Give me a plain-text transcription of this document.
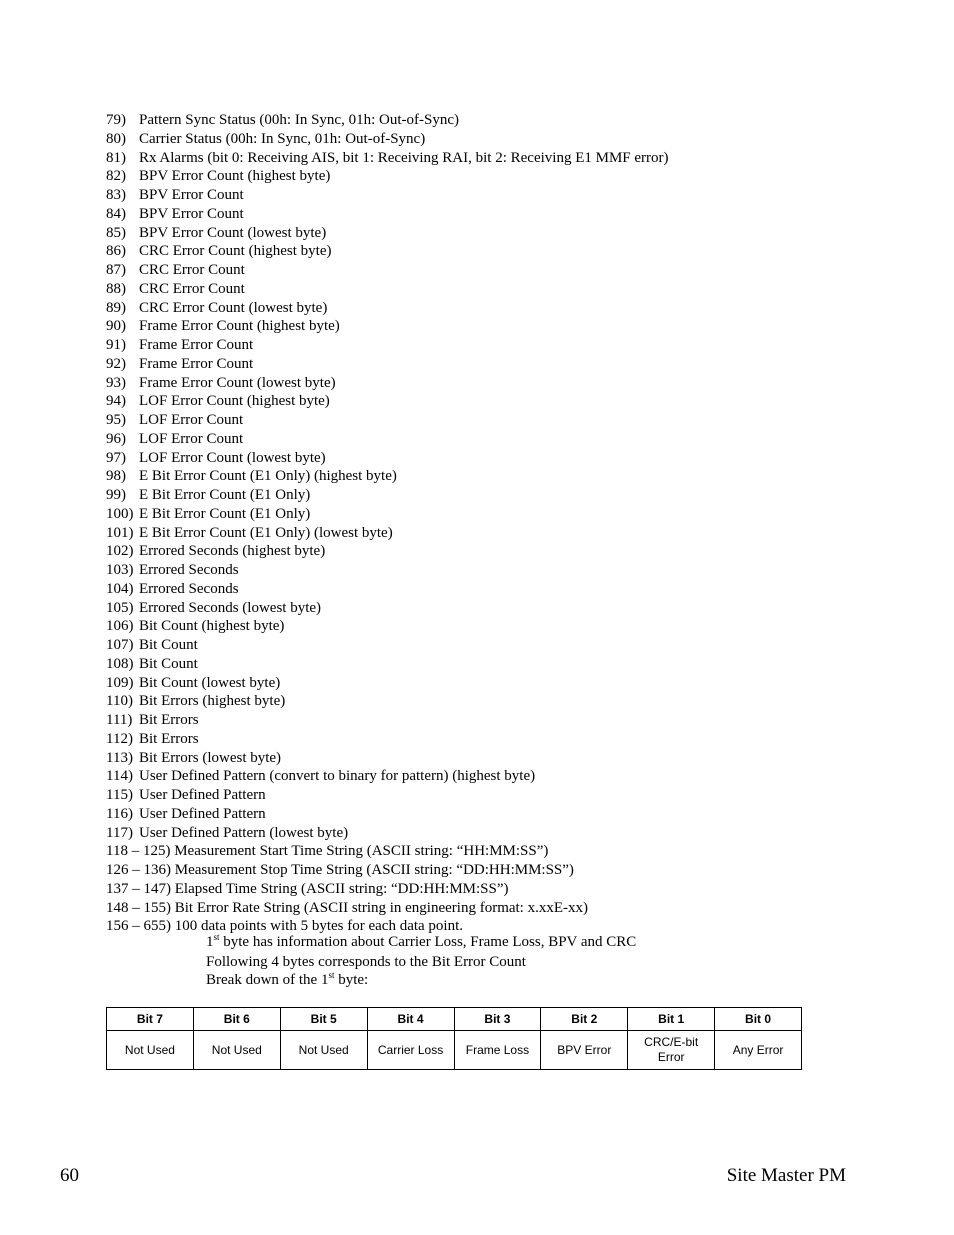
79) Pattern Sync Status (00h: In Sync, 01h: Out-of-Sync)
80) Carrier Status (00h: In Sync, 01h: Out-of-Sync)
81) Rx Alarms (bit 0: Receiving AIS, bit 1: Receiving RAI, bit 2: Receiving E1 MMF error)
82) BPV Error Count (highest byte)
83) BPV Error Count
84) BPV Error Count
85) BPV Error Count (lowest byte)
86) CRC Error Count (highest byte)
87) CRC Error Count
88) CRC Error Count
89) CRC Error Count (lowest byte)
90) Frame Error Count (highest byte)
91) Frame Error Count
92) Frame Error Count
93) Frame Error Count (lowest byte)
94) LOF Error Count (highest byte)
95) LOF Error Count
96) LOF Error Count
97) LOF Error Count (lowest byte)
98) E Bit Error Count (E1 Only) (highest byte)
99) E Bit Error Count (E1 Only)
100) E Bit Error Count (E1 Only)
101) E Bit Error Count (E1 Only) (lowest byte)
102) Errored Seconds (highest byte)
103) Errored Seconds
104) Errored Seconds
105) Errored Seconds (lowest byte)
106) Bit Count (highest byte)
107) Bit Count
108) Bit Count
109) Bit Count (lowest byte)
110) Bit Errors (highest byte)
111) Bit Errors
112) Bit Errors
113) Bit Errors (lowest byte)
114) User Defined Pattern (convert to binary for pattern) (highest byte)
115) User Defined Pattern
116) User Defined Pattern
117) User Defined Pattern (lowest byte)
118 – 125) Measurement Start Time String (ASCII string: “HH:MM:SS”)
126 – 136) Measurement Stop Time String (ASCII string: “DD:HH:MM:SS”)
137 – 147) Elapsed Time String (ASCII string: “DD:HH:MM:SS”)
148 – 155) Bit Error Rate String (ASCII string in engineering format: x.xxE-xx)
156 – 655) 100 data points with 5 bytes for each data point.
1st byte has information about Carrier Loss, Frame Loss, BPV and CRC
Following 4 bytes corresponds to the Bit Error Count
Break down of the 1st byte:
Bit 7	Bit 6	Bit 5	Bit 4	Bit 3	Bit 2	Bit 1	Bit 0
Not Used	Not Used	Not Used	Carrier Loss	Frame Loss	BPV Error	CRC/E-bit Error	Any Error
60	Site Master PM
